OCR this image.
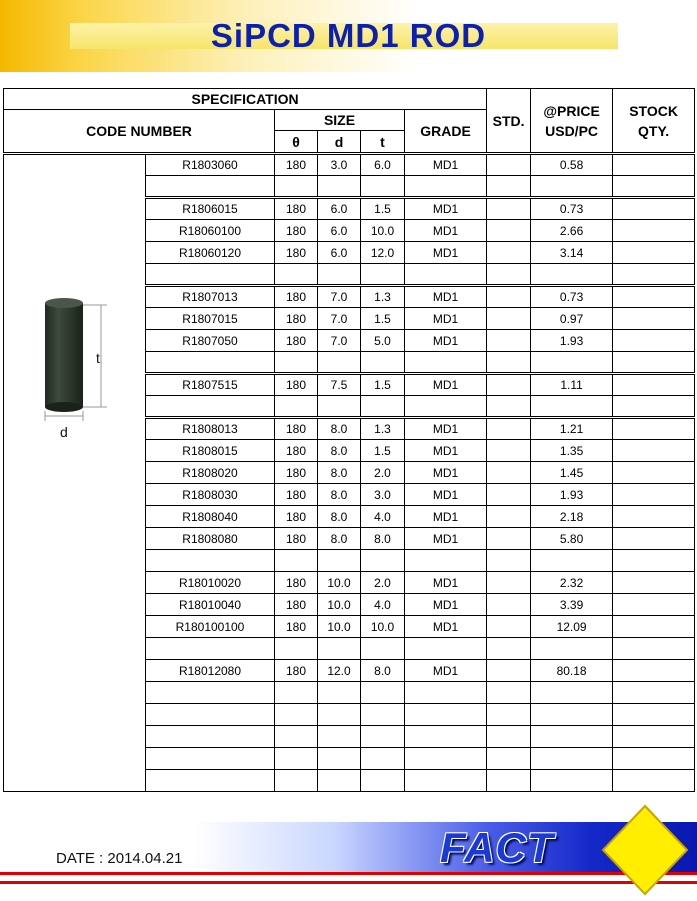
SiPCD MD1 ROD
SPECIFICATION						STD.	@PRICE USD/PC	STOCK QTY.
CODE NUMBER		SIZE			GRADE			
		θ	d	t				

t
d	R1803060	180	3.0	6.0	MD1		0.58	

	R1806015	180	6.0	1.5	MD1		0.73	
	R18060100	180	6.0	10.0	MD1		2.66	
	R18060120	180	6.0	12.0	MD1		3.14	

	R1807013	180	7.0	1.3	MD1		0.73	
	R1807015	180	7.0	1.5	MD1		0.97	
	R1807050	180	7.0	5.0	MD1		1.93	

	R1807515	180	7.5	1.5	MD1		1.11	

	R1808013	180	8.0	1.3	MD1		1.21	
	R1808015	180	8.0	1.5	MD1		1.35	
	R1808020	180	8.0	2.0	MD1		1.45	
	R1808030	180	8.0	3.0	MD1		1.93	
	R1808040	180	8.0	4.0	MD1		2.18	
	R1808080	180	8.0	8.0	MD1		5.80	

	R18010020	180	10.0	2.0	MD1		2.32	
	R18010040	180	10.0	4.0	MD1		3.39	
	R180100100	180	10.0	10.0	MD1		12.09	

	R18012080	180	12.0	8.0	MD1		80.18	

DATE : 2014.04.21	FACT
